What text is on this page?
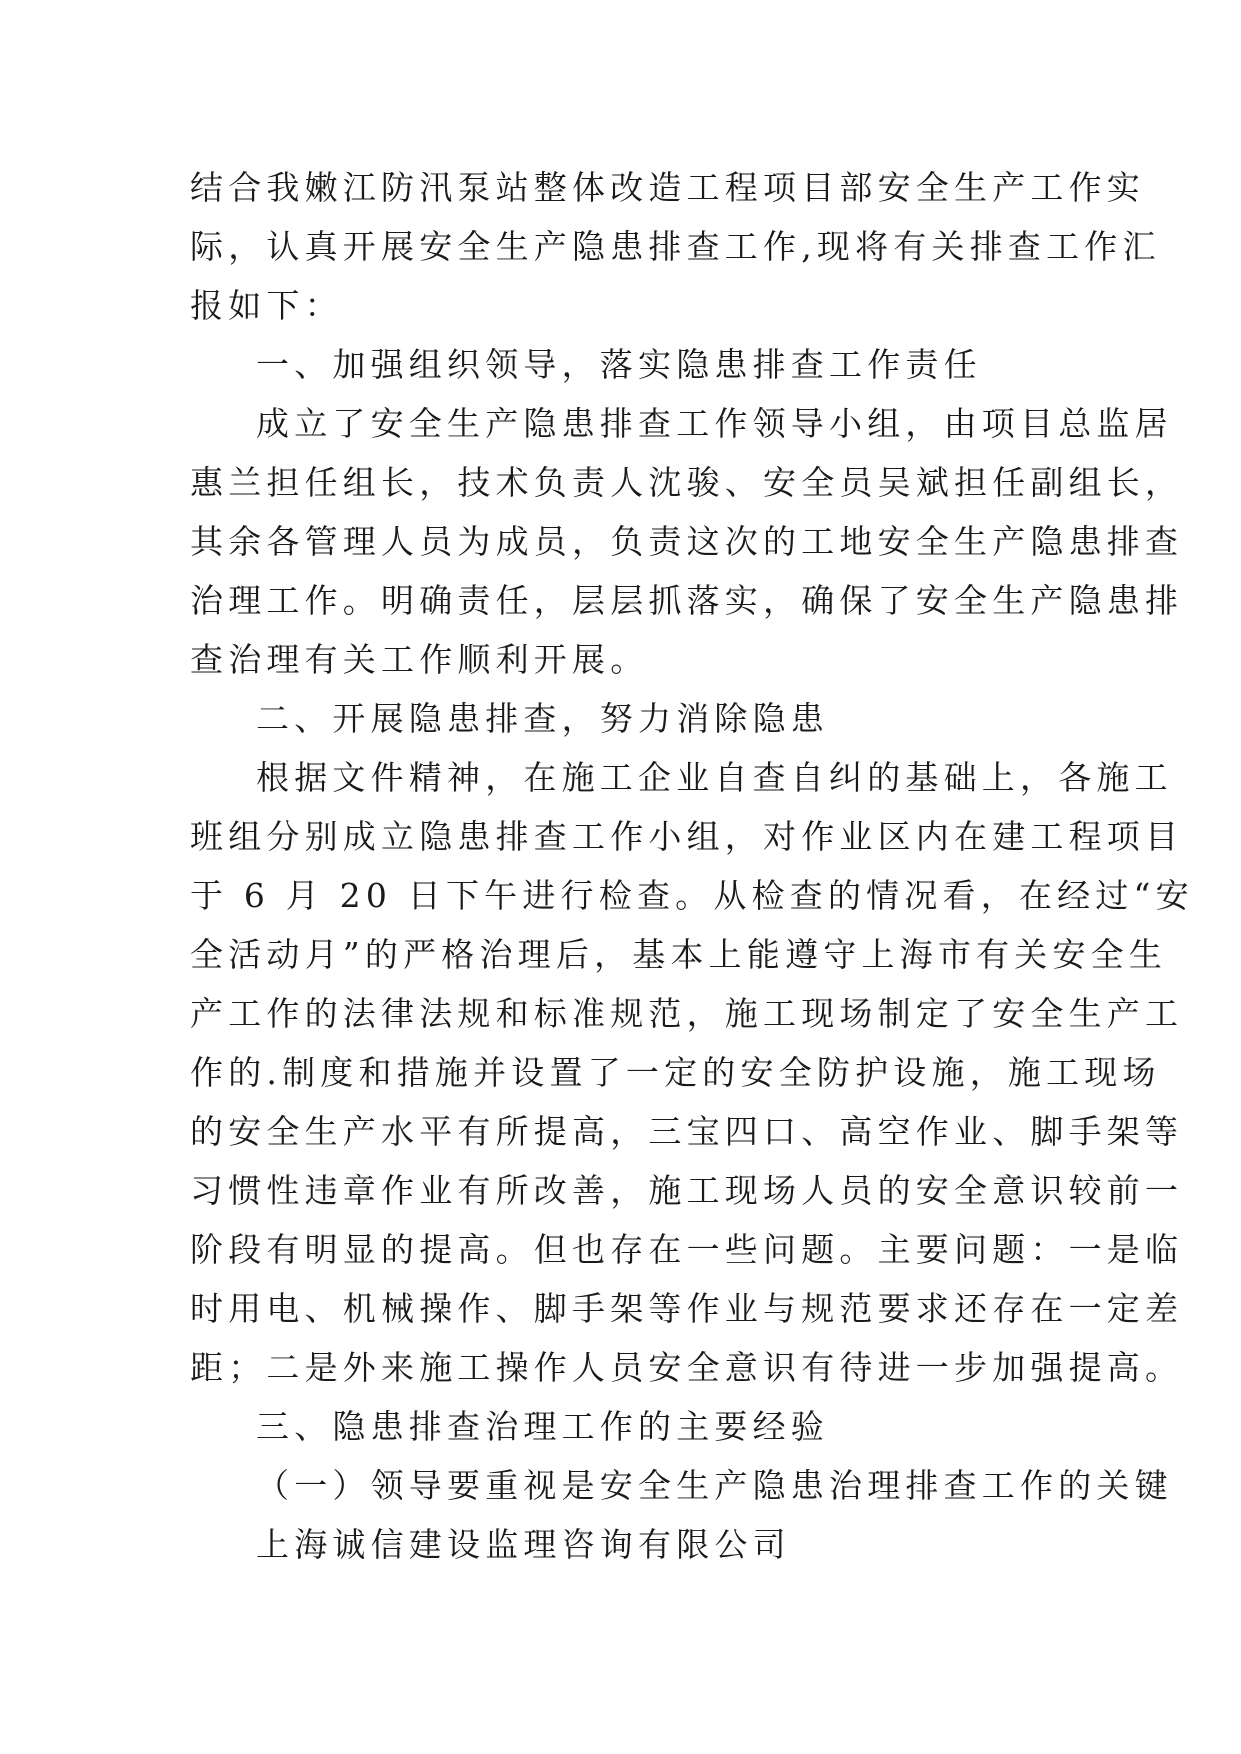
结合我嫩江防汛泵站整体改造工程项目部安全生产工作实
际，认真开展安全生产隐患排查工作,现将有关排查工作汇
报如下：
一、加强组织领导，落实隐患排查工作责任
成立了安全生产隐患排查工作领导小组，由项目总监居
惠兰担任组长，技术负责人沈骏、安全员吴斌担任副组长，
其余各管理人员为成员，负责这次的工地安全生产隐患排查
治理工作。明确责任，层层抓落实，确保了安全生产隐患排
查治理有关工作顺利开展。
二、开展隐患排查，努力消除隐患
根据文件精神，在施工企业自查自纠的基础上，各施工
班组分别成立隐患排查工作小组，对作业区内在建工程项目
于 6 月 20 日下午进行检查。从检查的情况看，在经过“安
全活动月”的严格治理后，基本上能遵守上海市有关安全生
产工作的法律法规和标准规范，施工现场制定了安全生产工
作的.制度和措施并设置了一定的安全防护设施，施工现场
的安全生产水平有所提高，三宝四口、高空作业、脚手架等
习惯性违章作业有所改善，施工现场人员的安全意识较前一
阶段有明显的提高。但也存在一些问题。主要问题：一是临
时用电、机械操作、脚手架等作业与规范要求还存在一定差
距；二是外来施工操作人员安全意识有待进一步加强提高。
三、隐患排查治理工作的主要经验
（一）领导要重视是安全生产隐患治理排查工作的关键
上海诚信建设监理咨询有限公司
